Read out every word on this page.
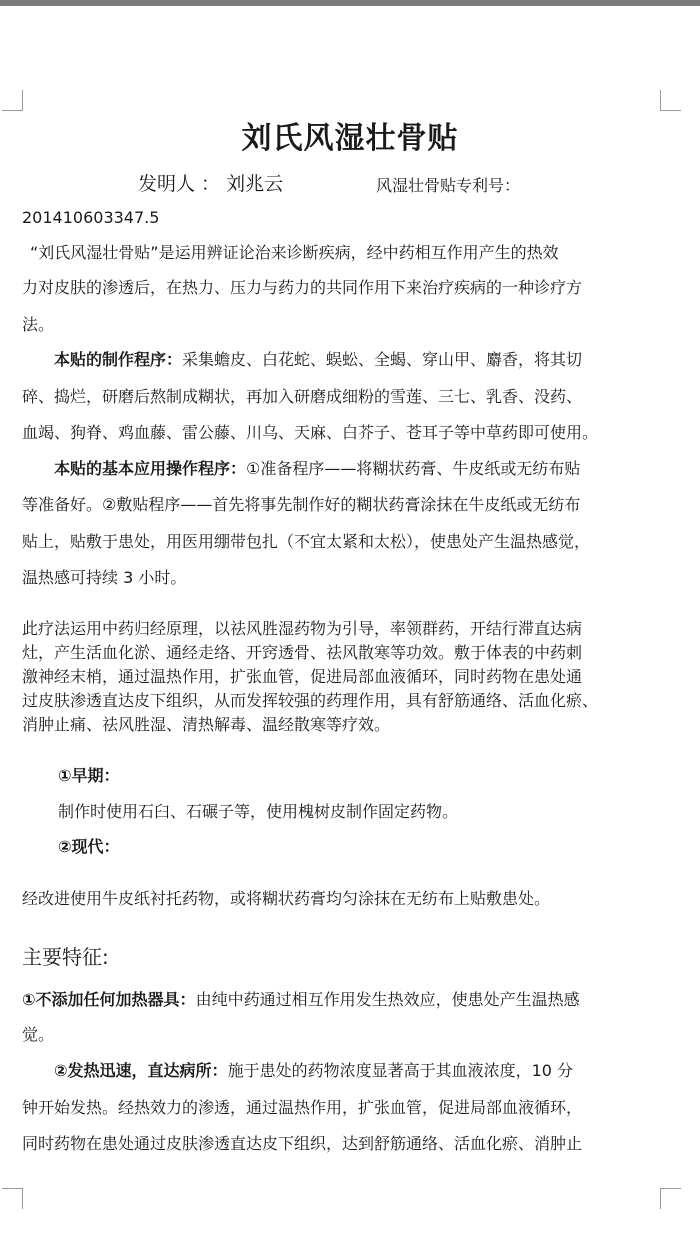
刘氏风湿壮骨贴
发明人 ： 刘兆云	风湿壮骨贴专利号：
201410603347.5
“刘氏风湿壮骨贴”是运用辨证论治来诊断疾病，经中药相互作用产生的热效
力对皮肤的渗透后，在热力、压力与药力的共同作用下来治疗疾病的一种诊疗方
法。
本贴的制作程序：采集蟾皮、白花蛇、蜈蚣、全蝎、穿山甲、麝香，将其切
碎、捣烂，研磨后熬制成糊状，再加入研磨成细粉的雪莲、三七、乳香、没药、
血竭、狗脊、鸡血藤、雷公藤、川乌、天麻、白芥子、苍耳子等中草药即可使用。
本贴的基本应用操作程序：①准备程序——将糊状药膏、牛皮纸或无纺布贴
等准备好。②敷贴程序——首先将事先制作好的糊状药膏涂抹在牛皮纸或无纺布
贴上，贴敷于患处，用医用绷带包扎（不宜太紧和太松），使患处产生温热感觉，
温热感可持续 3 小时。
此疗法运用中药归经原理，以祛风胜湿药物为引导，率领群药，开结行滞直达病
灶，产生活血化淤、通经走络、开窍透骨、祛风散寒等功效。敷于体表的中药刺
激神经末梢，通过温热作用，扩张血管，促进局部血液循环，同时药物在患处通
过皮肤渗透直达皮下组织，从而发挥较强的药理作用，具有舒筋通络、活血化瘀、
消肿止痛、祛风胜湿、清热解毒、温经散寒等疗效。
①早期：
制作时使用石臼、石碾子等，使用槐树皮制作固定药物。
②现代：
经改进使用牛皮纸衬托药物，或将糊状药膏均匀涂抹在无纺布上贴敷患处。
主要特征:
①不添加任何加热器具：由纯中药通过相互作用发生热效应，使患处产生温热感
觉。
②发热迅速，直达病所：施于患处的药物浓度显著高于其血液浓度，10 分
钟开始发热。经热效力的渗透，通过温热作用，扩张血管，促进局部血液循环，
同时药物在患处通过皮肤渗透直达皮下组织，达到舒筋通络、活血化瘀、消肿止
